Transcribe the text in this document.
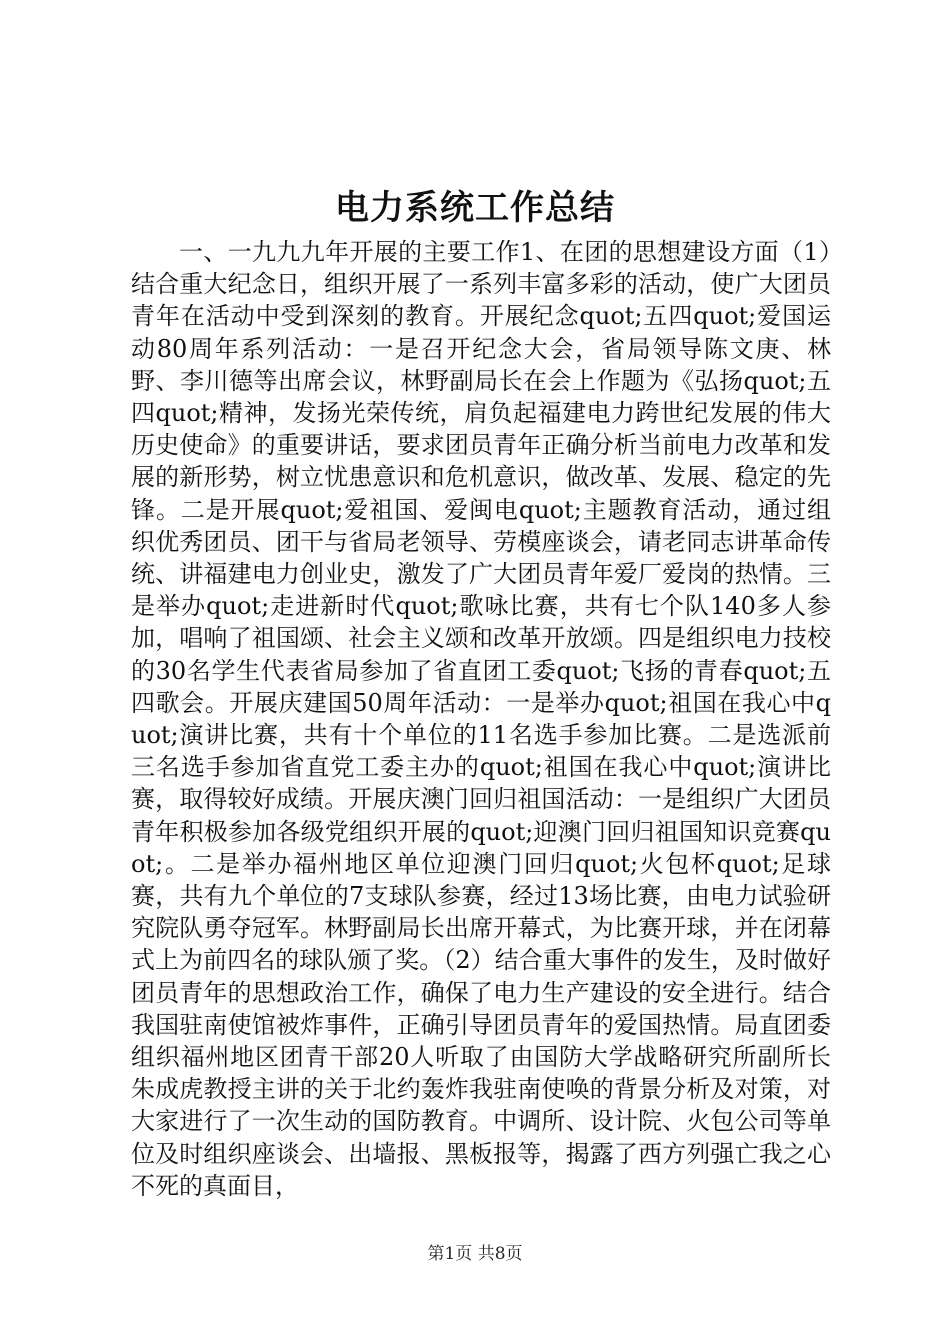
电力系统工作总结

一、一九九九年开展的主要工作1、在团的思想建设方面（1）结合重大纪念日，组织开展了一系列丰富多彩的活动，使广大团员青年在活动中受到深刻的教育。开展纪念quot;五四quot;爱国运动80周年系列活动：一是召开纪念大会，省局领导陈文庚、林野、李川德等出席会议，林野副局长在会上作题为《弘扬quot;五四quot;精神，发扬光荣传统，肩负起福建电力跨世纪发展的伟大历史使命》的重要讲话，要求团员青年正确分析当前电力改革和发展的新形势，树立忧患意识和危机意识，做改革、发展、稳定的先锋。二是开展quot;爱祖国、爱闽电quot;主题教育活动，通过组织优秀团员、团干与省局老领导、劳模座谈会，请老同志讲革命传统、讲福建电力创业史，激发了广大团员青年爱厂爱岗的热情。三是举办quot;走进新时代quot;歌咏比赛，共有七个队140多人参加，唱响了祖国颂、社会主义颂和改革开放颂。四是组织电力技校的30名学生代表省局参加了省直团工委quot;飞扬的青春quot;五四歌会。开展庆建国50周年活动：一是举办quot;祖国在我心中quot;演讲比赛，共有十个单位的11名选手参加比赛。二是选派前三名选手参加省直党工委主办的quot;祖国在我心中quot;演讲比赛，取得较好成绩。开展庆澳门回归祖国活动：一是组织广大团员青年积极参加各级党组织开展的quot;迎澳门回归祖国知识竞赛quot;。二是举办福州地区单位迎澳门回归quot;火包杯quot;足球赛，共有九个单位的7支球队参赛，经过13场比赛，由电力试验研究院队勇夺冠军。林野副局长出席开幕式，为比赛开球，并在闭幕式上为前四名的球队颁了奖。（2）结合重大事件的发生，及时做好团员青年的思想政治工作，确保了电力生产建设的安全进行。结合我国驻南使馆被炸事件，正确引导团员青年的爱国热情。局直团委组织福州地区团青干部20人听取了由国防大学战略研究所副所长朱成虎教授主讲的关于北约轰炸我驻南使唤的背景分析及对策，对大家进行了一次生动的国防教育。中调所、设计院、火包公司等单位及时组织座谈会、出墙报、黑板报等，揭露了西方列强亡我之心不死的真面目，

第1页 共8页
